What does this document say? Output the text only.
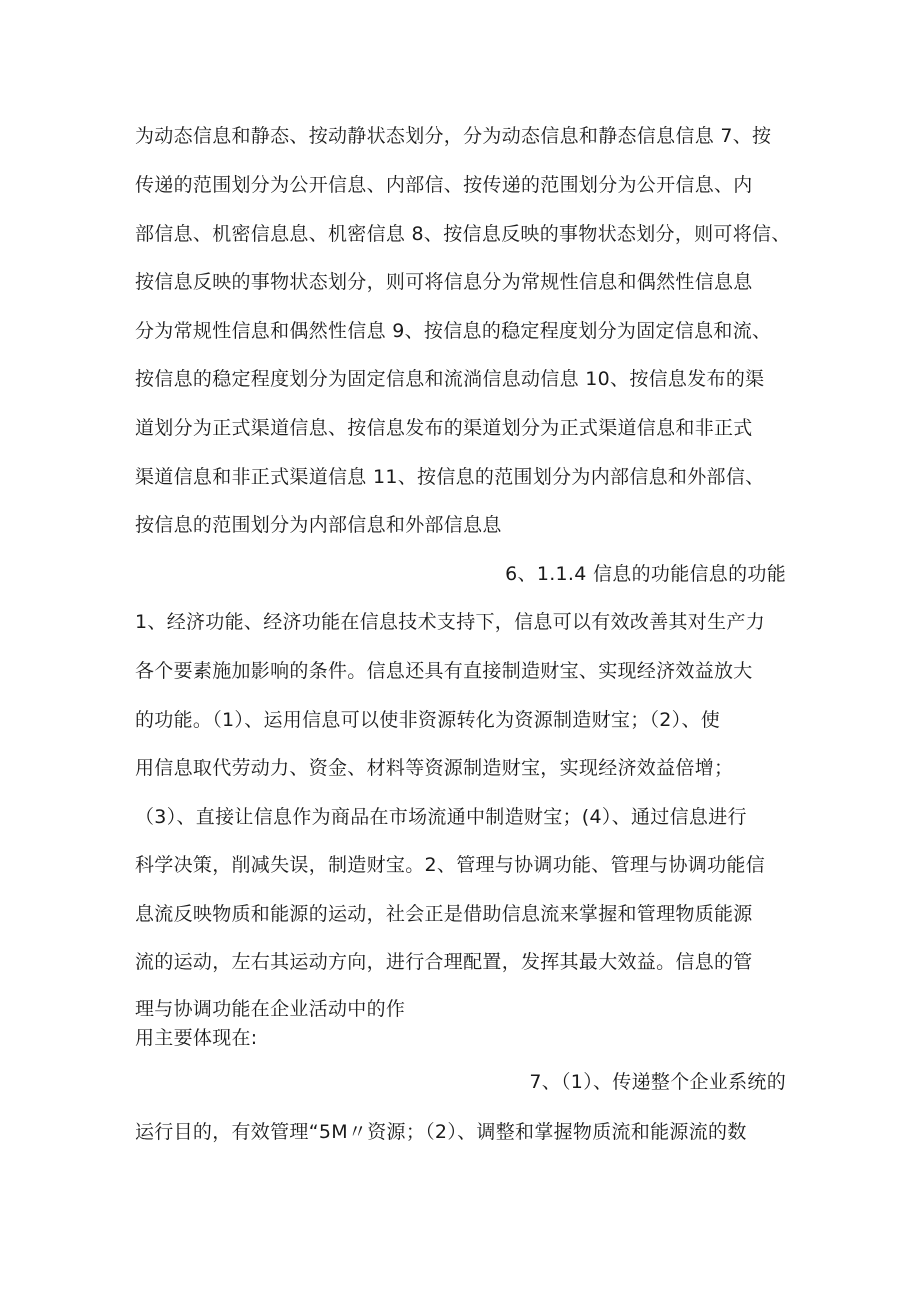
为动态信息和静态、按动静状态划分，分为动态信息和静态信息信息 7、按
传递的范围划分为公开信息、内部信、按传递的范围划分为公开信息、内
部信息、机密信息息、机密信息 8、按信息反映的事物状态划分，则可将信、
按信息反映的事物状态划分，则可将信息分为常规性信息和偶然性信息息
分为常规性信息和偶然性信息 9、按信息的稳定程度划分为固定信息和流、
按信息的稳定程度划分为固定信息和流淌信息动信息 10、按信息发布的渠
道划分为正式渠道信息、按信息发布的渠道划分为正式渠道信息和非正式
渠道信息和非正式渠道信息 11、按信息的范围划分为内部信息和外部信、
按信息的范围划分为内部信息和外部信息息
6、1.1.4 信息的功能信息的功能
1、经济功能、经济功能在信息技术支持下，信息可以有效改善其对生产力
各个要素施加影响的条件。信息还具有直接制造财宝、实现经济效益放大
的功能。（1）、运用信息可以使非资源转化为资源制造财宝；（2）、使
用信息取代劳动力、资金、材料等资源制造财宝，实现经济效益倍增；
（3）、直接让信息作为商品在市场流通中制造财宝；(4）、通过信息进行
科学决策，削减失误，制造财宝。2、管理与协调功能、管理与协调功能信
息流反映物质和能源的运动，社会正是借助信息流来掌握和管理物质能源
流的运动，左右其运动方向，进行合理配置，发挥其最大效益。信息的管
理与协调功能在企业活动中的作
用主要体现在:
7、（1）、传递整个企业系统的
运行目的，有效管理“5M〃资源；（2）、调整和掌握物质流和能源流的数
